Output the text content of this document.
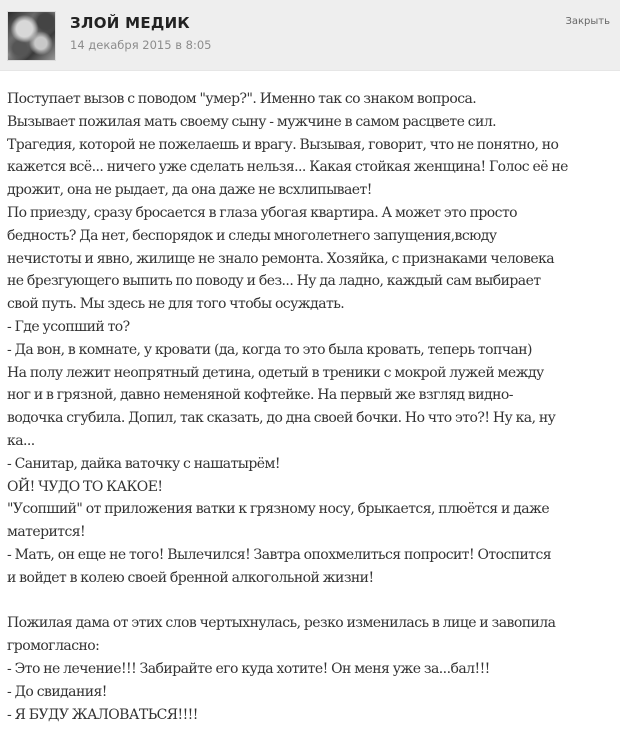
ЗЛОЙ МЕДИК
14 декабря 2015 в 8:05
Закрыть
Поступает вызов с поводом "умер?". Именно так со знаком вопроса.
Вызывает пожилая мать своему сыну - мужчине в самом расцвете сил.
Трагедия, которой не пожелаешь и врагу. Вызывая, говорит, что не понятно, но
кажется всё... ничего уже сделать нельзя... Какая стойкая женщина! Голос её не
дрожит, она не рыдает, да она даже не всхлипывает!
По приезду, сразу бросается в глаза убогая квартира. А может это просто
бедность? Да нет, беспорядок и следы многолетнего запущения,всюду
нечистоты и явно, жилище не знало ремонта. Хозяйка, с признаками человека
не брезгующего выпить по поводу и без... Ну да ладно, каждый сам выбирает
свой путь. Мы здесь не для того чтобы осуждать.
- Где усопший то?
- Да вон, в комнате, у кровати (да, когда то это была кровать, теперь топчан)
На полу лежит неопрятный детина, одетый в треники с мокрой лужей между
ног и в грязной, давно неменяной кофтейке. На первый же взгляд видно-
водочка сгубила. Допил, так сказать, до дна своей бочки. Но что это?! Ну ка, ну
ка...
- Санитар, дайка ваточку с нашатырём!
ОЙ! ЧУДО ТО КАКОЕ!
"Усопший" от приложения ватки к грязному носу, брыкается, плюётся и даже
матерится!
- Мать, он еще не того! Вылечился! Завтра опохмелиться попросит! Отоспится
и войдет в колею своей бренной алкогольной жизни!
Пожилая дама от этих слов чертыхнулась, резко изменилась в лице и завопила
громогласно:
- Это не лечение!!! Забирайте его куда хотите! Он меня уже за...бал!!!
- До свидания!
- Я БУДУ ЖАЛОВАТЬСЯ!!!!
